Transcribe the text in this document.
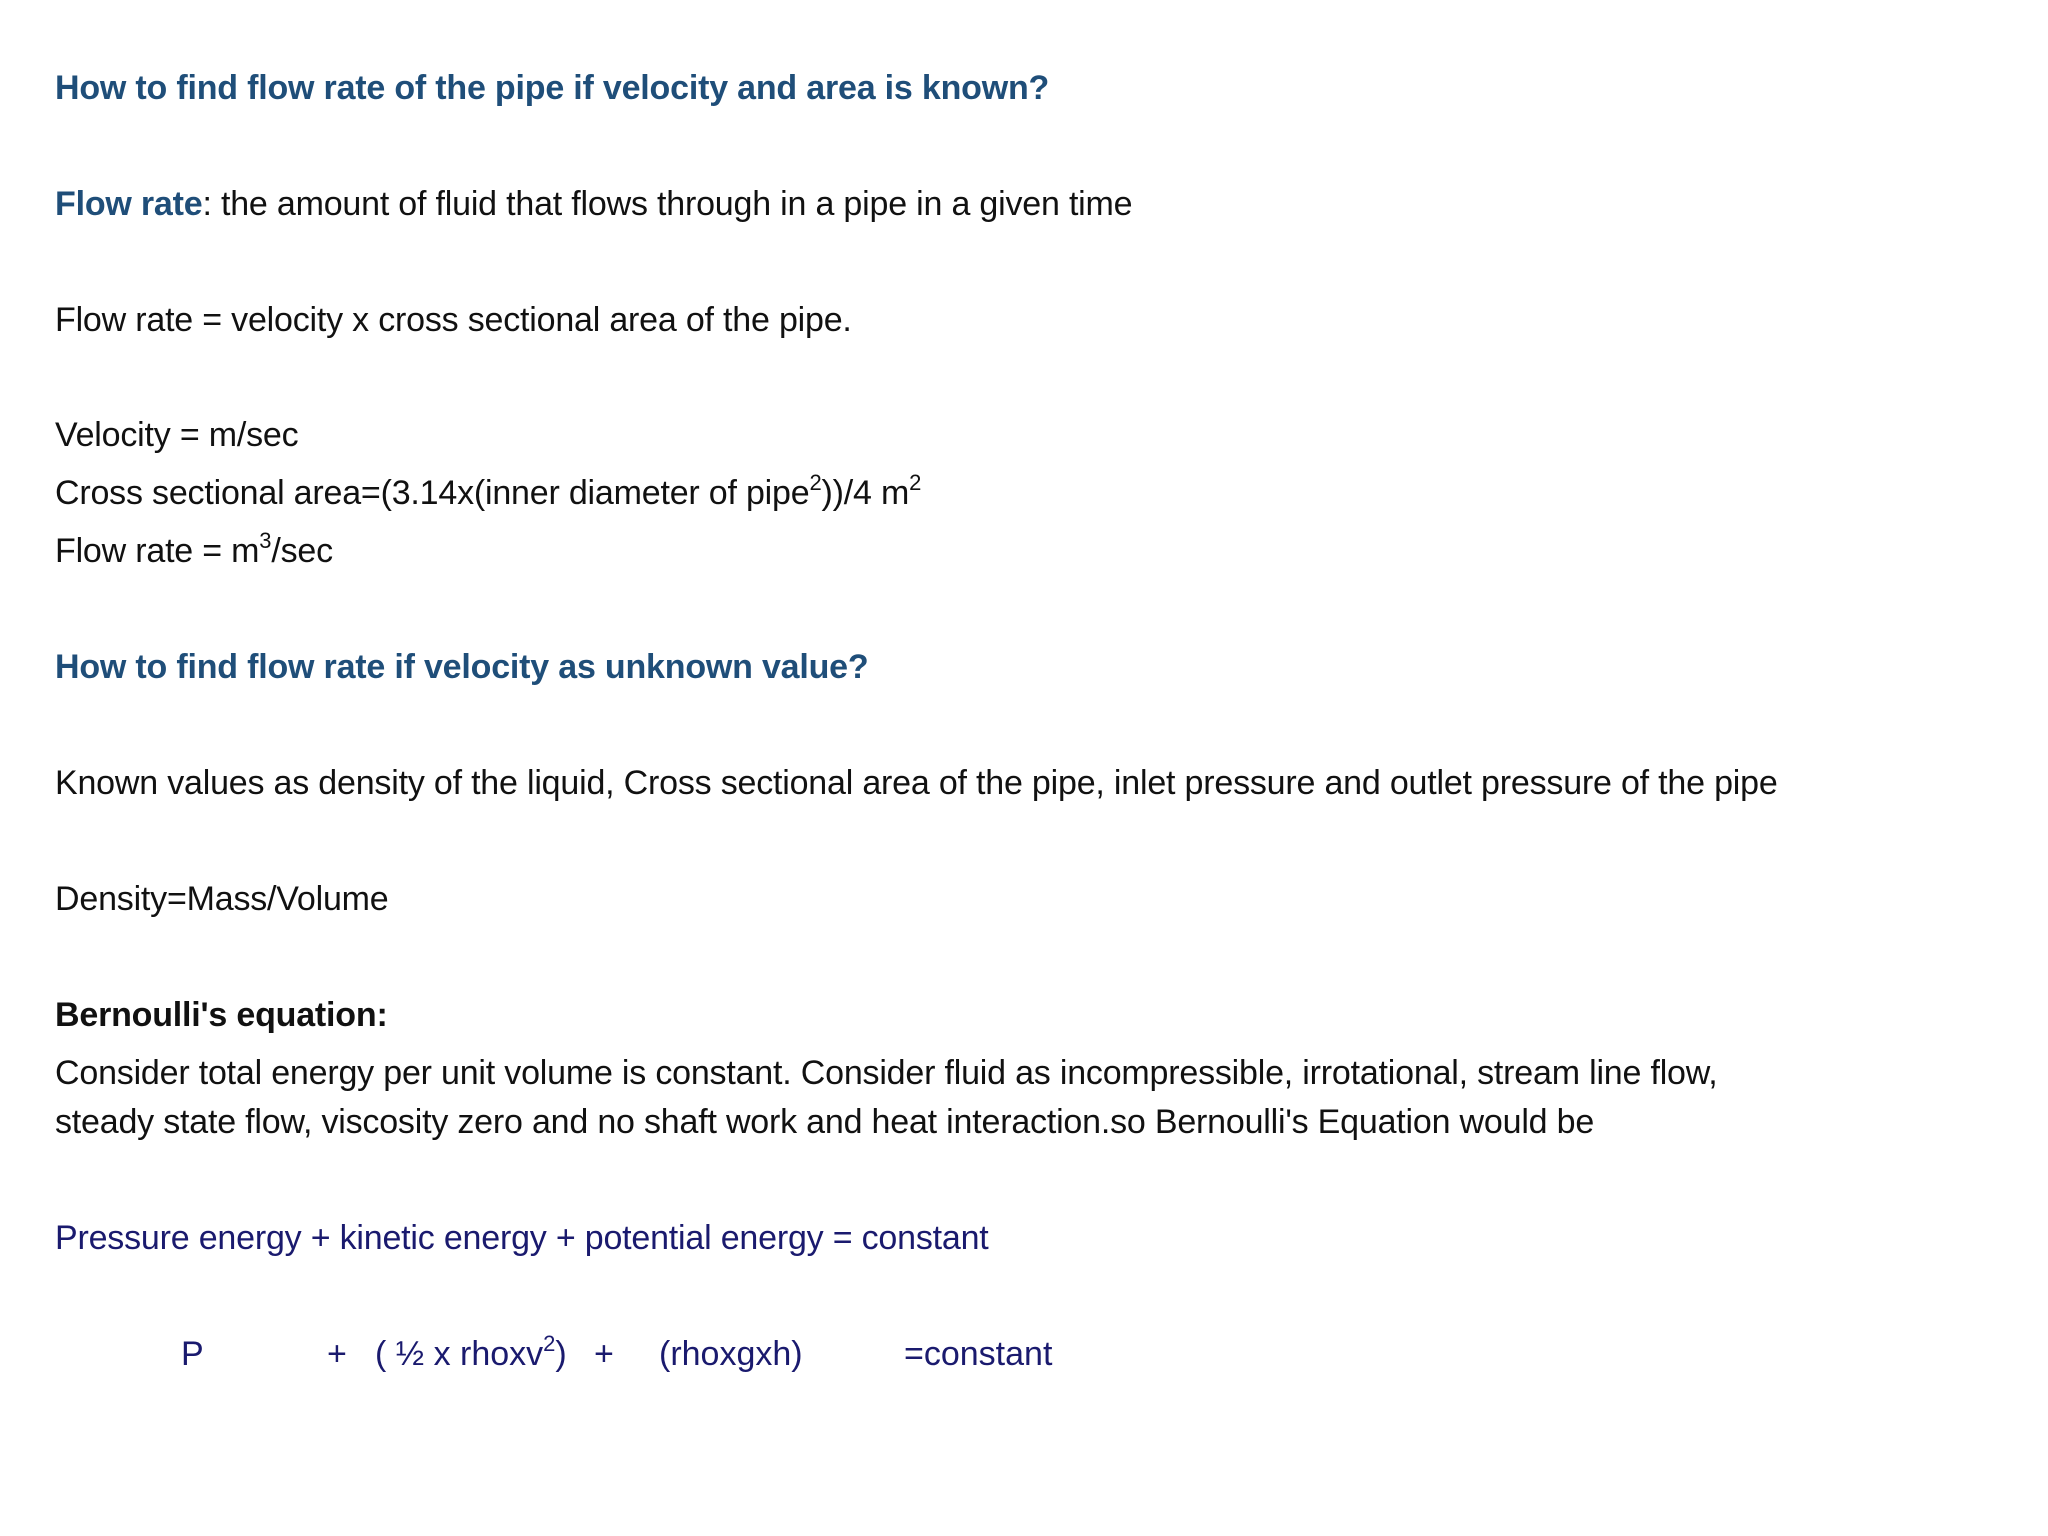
How to find flow rate of the pipe if velocity and area is known?

Flow rate: the amount of fluid that flows through in a pipe in a given time

Flow rate = velocity x cross sectional area of the pipe.

Velocity = m/sec

Cross sectional area=(3.14x(inner diameter of pipe$^2$))/4 $m^2$

Flow rate = $m^3/\sec$

How to find flow rate if velocity as unknown value?

Known values as density of the liquid, Cross sectional area of the pipe, inlet pressure and outlet pressure of the pipe

Density=Mass/Volume

Bernoulli's equation:

Consider total energy per unit volume is constant. Consider fluid as incompressible, irrotational, stream line flow,

steady state flow, viscosity zero and no shaft work and heat interaction.so Bernoulli's Equation would be

Pressure energy + kinetic energy + potential energy = constant

P	+ ( ½ x rhoxv$^2$) + (rhoxgxh)	=constant
